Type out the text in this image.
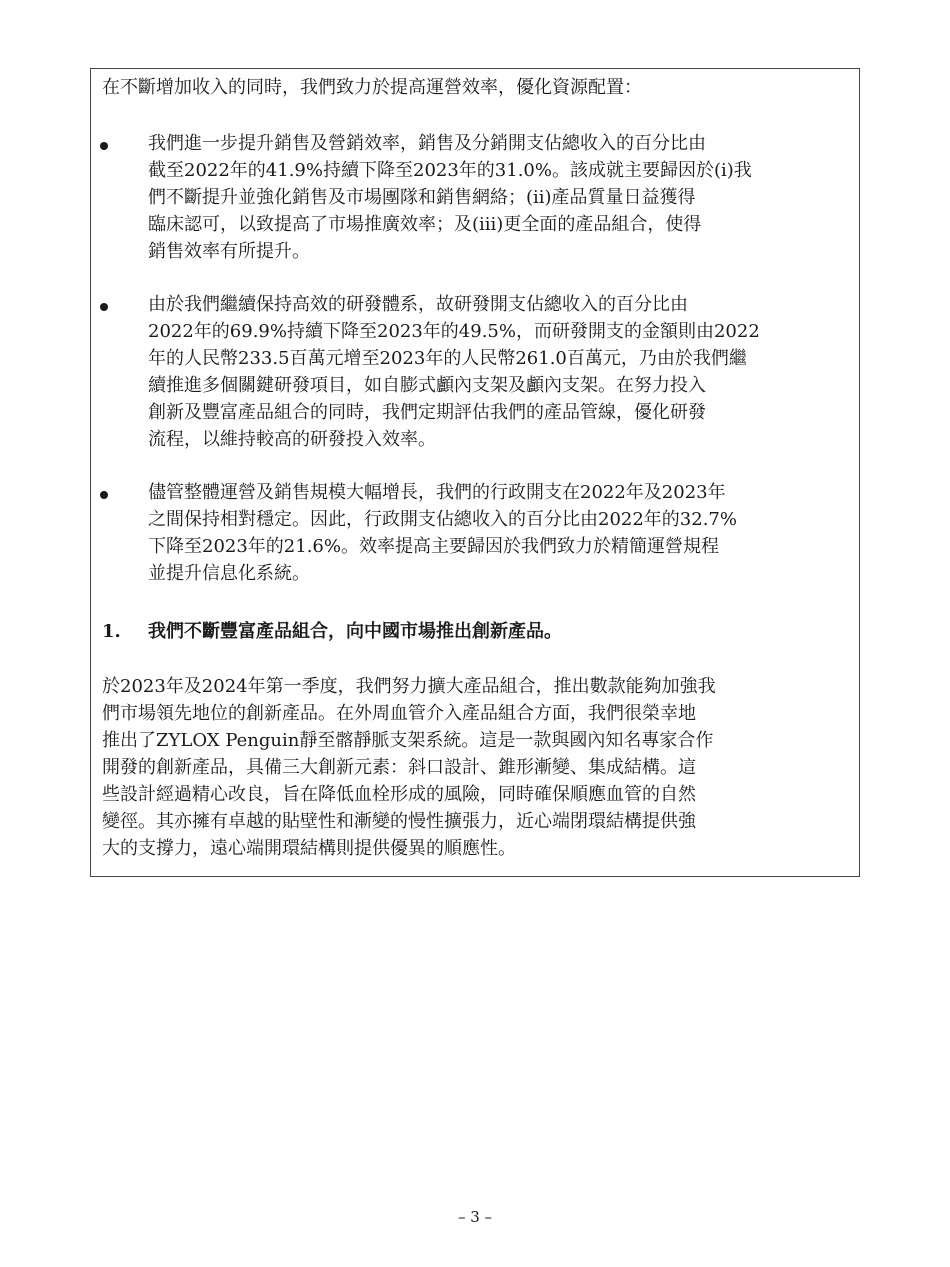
在不斷增加收入的同時，我們致力於提高運營效率，優化資源配置：
我們進一步提升銷售及營銷效率，銷售及分銷開支佔總收入的百分比由
截至2022年的41.9%持續下降至2023年的31.0%。該成就主要歸因於(i)我
們不斷提升並強化銷售及市場團隊和銷售網絡；(ii)產品質量日益獲得
臨床認可，以致提高了市場推廣效率；及(iii)更全面的產品組合，使得
銷售效率有所提升。
由於我們繼續保持高效的研發體系，故研發開支佔總收入的百分比由
2022年的69.9%持續下降至2023年的49.5%，而研發開支的金額則由2022
年的人民幣233.5百萬元增至2023年的人民幣261.0百萬元，乃由於我們繼
續推進多個關鍵研發項目，如自膨式顱內支架及顱內支架。在努力投入
創新及豐富產品組合的同時，我們定期評估我們的產品管線，優化研發
流程，以維持較高的研發投入效率。
儘管整體運營及銷售規模大幅增長，我們的行政開支在2022年及2023年
之間保持相對穩定。因此，行政開支佔總收入的百分比由2022年的32.7%
下降至2023年的21.6%。效率提高主要歸因於我們致力於精簡運營規程
並提升信息化系統。
1. 我們不斷豐富產品組合，向中國市場推出創新產品。
於2023年及2024年第一季度，我們努力擴大產品組合，推出數款能夠加強我
們市場領先地位的創新產品。在外周血管介入產品組合方面，我們很榮幸地
推出了ZYLOX Penguin靜至髂靜脈支架系統。這是一款與國內知名專家合作
開發的創新產品，具備三大創新元素：斜口設計、錐形漸變、集成結構。這
些設計經過精心改良，旨在降低血栓形成的風險，同時確保順應血管的自然
變徑。其亦擁有卓越的貼壁性和漸變的慢性擴張力，近心端閉環結構提供強
大的支撐力，遠心端開環結構則提供優異的順應性。
– 3 –
